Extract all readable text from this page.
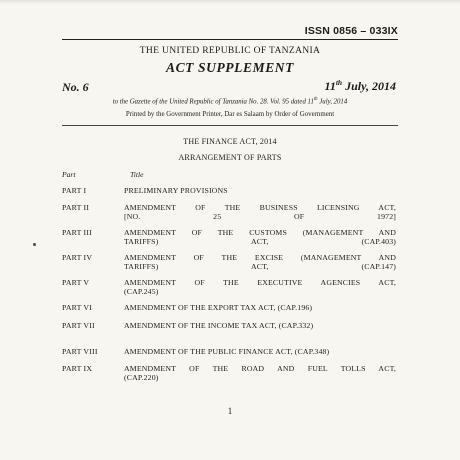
ISSN 0856 – 033IX
THE UNITED REPUBLIC OF TANZANIA
ACT SUPPLEMENT
No. 6	11th July, 2014
to the Gazette of the United Republic of Tanzania No. 28. Vol. 95 dated 11th July, 2014
Printed by the Government Printer, Dar es Salaam by Order of Government
THE FINANCE ACT, 2014
ARRANGEMENT OF PARTS
Part	Title
PART I	PRELIMINARY PROVISIONS
PART II	AMENDMENT OF THE BUSINESS LICENSING ACT,
[NO. 25 OF 1972]
PART III	AMENDMENT OF THE CUSTOMS (MANAGEMENT AND
TARIFFS) ACT, (CAP.403)
PART IV	AMENDMENT OF THE EXCISE (MANAGEMENT AND
TARIFFS) ACT, (CAP.147)
PART V	AMENDMENT OF THE EXECUTIVE AGENCIES ACT,
(CAP.245)
PART VI	AMENDMENT OF THE EXPORT TAX ACT, (CAP.196)
PART VII	AMENDMENT OF THE INCOME TAX ACT, (CAP.332)
PART VIII	AMENDMENT OF THE PUBLIC FINANCE ACT, (CAP.348)
PART IX	AMENDMENT OF THE ROAD AND FUEL TOLLS ACT,
(CAP.220)
1
